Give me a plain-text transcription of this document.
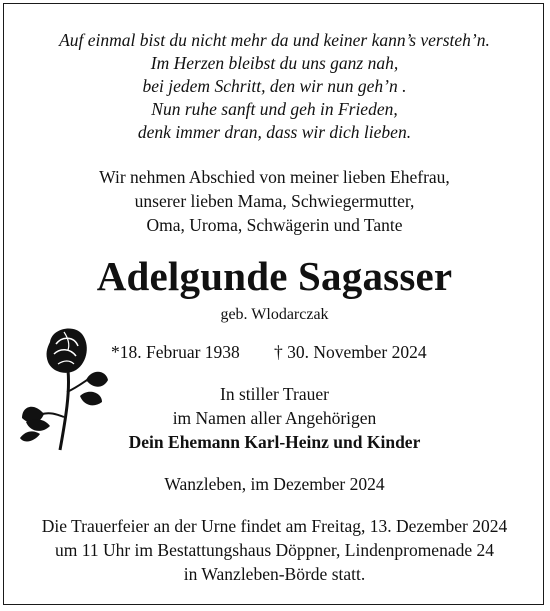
Auf einmal bist du nicht mehr da und keiner kann’s versteh’n.
Im Herzen bleibst du uns ganz nah,
bei jedem Schritt, den wir nun geh’n .
Nun ruhe sanft und geh in Frieden,
denk immer dran, dass wir dich lieben.
Wir nehmen Abschied von meiner lieben Ehefrau,
unserer lieben Mama, Schwiegermutter,
Oma, Uroma, Schwägerin und Tante
Adelgunde Sagasser
geb. Wlodarczak
*18. Februar 1938 † 30. November 2024
In stiller Trauer
im Namen aller Angehörigen
Dein Ehemann Karl-Heinz und Kinder
Wanzleben, im Dezember 2024
Die Trauerfeier an der Urne findet am Freitag, 13. Dezember 2024
um 11 Uhr im Bestattungshaus Döppner, Lindenpromenade 24
in Wanzleben-Börde statt.
